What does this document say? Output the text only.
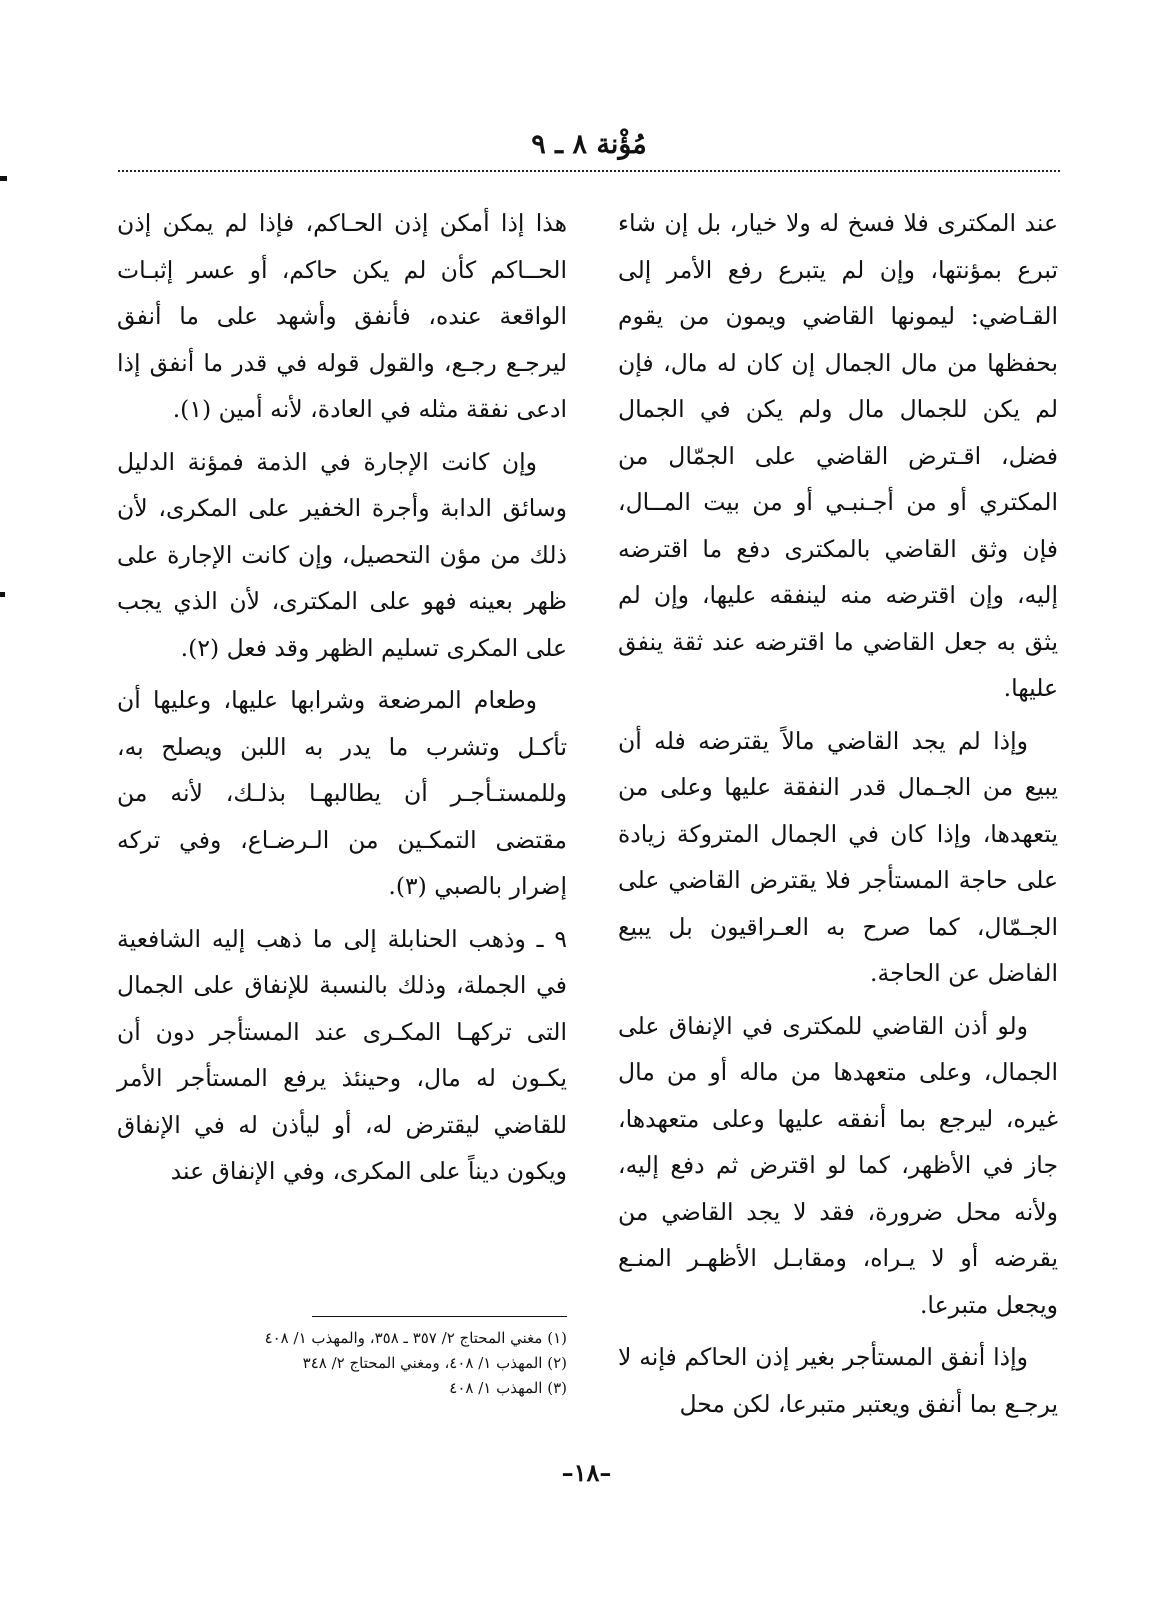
مُؤْنة ٨ ـ ٩

عند المكترى فلا فسخ له ولا خيار، بل إن شاء تبرع بمؤنتها، وإن لم يتبرع رفع الأمر إلى القـاضي: ليمونها القاضي ويمون من يقوم بحفظها من مال الجمال إن كان له مال، فإن لم يكن للجمال مال ولم يكن في الجمال فضل، اقـترض القاضي على الجمّال من المكتري أو من أجـنبـي أو من بيت المــال، فإن وثق القاضي بالمكترى دفع ما اقترضه إليه، وإن اقترضه منه لينفقه عليها، وإن لم يثق به جعل القاضي ما اقترضه عند ثقة ينفق عليها.

وإذا لم يجد القاضي مالاً يقترضه فله أن يبيع من الجـمال قدر النفقة عليها وعلى من يتعهدها، وإذا كان في الجمال المتروكة زيادة على حاجة المستأجر فلا يقترض القاضي على الجـمّال، كما صرح به العـراقيون بل يبيع الفاضل عن الحاجة.

ولو أذن القاضي للمكترى في الإنفاق على الجمال، وعلى متعهدها من ماله أو من مال غيره، ليرجع بما أنفقه عليها وعلى متعهدها، جاز في الأظهر، كما لو اقترض ثم دفع إليه، ولأنه محل ضرورة، فقد لا يجد القاضي من يقرضه أو لا يـراه، ومقابـل الأظهـر المنـع ويجعل متبرعا.

وإذا أنفق المستأجر بغير إذن الحاكم فإنه لا يرجـع بما أنفق ويعتبر متبرعا، لكن محل

هذا إذا أمكن إذن الحـاكم، فإذا لم يمكن إذن الحــاكم كأن لم يكن حاكم، أو عسر إثبـات الواقعة عنده، فأنفق وأشهد على ما أنفق ليرجـع رجـع، والقول قوله في قدر ما أنفق إذا ادعى نفقة مثله في العادة، لأنه أمين (١).

وإن كانت الإجارة في الذمة فمؤنة الدليل وسائق الدابة وأجرة الخفير على المكرى، لأن ذلك من مؤن التحصيل، وإن كانت الإجارة على ظهر بعينه فهو على المكترى، لأن الذي يجب على المكرى تسليم الظهر وقد فعل (٢).

وطعام المرضعة وشرابها عليها، وعليها أن تأكـل وتشرب ما يدر به اللبن ويصلح به، وللمستـأجـر أن يطالبهـا بذلـك، لأنه من مقتضى التمكـين من الـرضـاع، وفي تركه إضرار بالصبي (٣).

٩ ـ وذهب الحنابلة إلى ما ذهب إليه الشافعية في الجملة، وذلك بالنسبة للإنفاق على الجمال التى تركهـا المكـرى عند المستأجر دون أن يكـون له مال، وحينئذ يرفع المستأجر الأمر للقاضي ليقترض له، أو ليأذن له في الإنفاق ويكون ديناً على المكرى، وفي الإنفاق عند

(١) مغني المحتاج ٢/ ٣٥٧ ـ ٣٥٨، والمهذب ١/ ٤٠٨
(٢) المهذب ١/ ٤٠٨، ومغني المحتاج ٢/ ٣٤٨
(٣) المهذب ١/ ٤٠٨
–١٨–
